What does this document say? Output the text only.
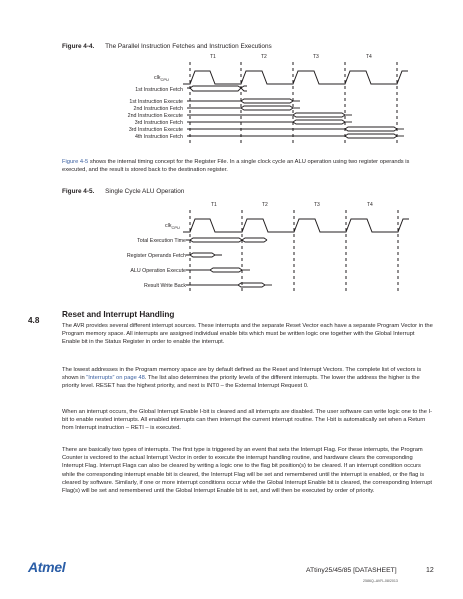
Figure 4-4. The Parallel Instruction Fetches and Instruction Executions
T1	T2	T3	T4
clk$_{CPU}$
1st Instruction Fetch
1st Instruction Execute
2nd Instruction Fetch
2nd Instruction Execute
3rd Instruction Fetch
3rd Instruction Execute
4th Instruction Fetch

Figure 4-5 shows the internal timing concept for the Register File. In a single clock cycle an ALU operation using two register operands is executed, and the result is stored back to the destination register.

Figure 4-5. Single Cycle ALU Operation
T1	T2	T3	T4
clk$_{CPU}$
Total Execution Time
Register Operands Fetch
ALU Operation Execute
Result Write Back
4.8
Reset and Interrupt Handling

The AVR provides several different interrupt sources. These interrupts and the separate Reset Vector each have a separate Program Vector in the Program memory space. All interrupts are assigned individual enable bits which must be written logic one together with the Global Interrupt Enable bit in the Status Register in order to enable the interrupt.

The lowest addresses in the Program memory space are by default defined as the Reset and Interrupt Vectors. The complete list of vectors is shown in “Interrupts” on page 48. The list also determines the priority levels of the different interrupts. The lower the address the higher is the priority level. RESET has the highest priority, and next is INT0 – the External Interrupt Request 0.

When an interrupt occurs, the Global Interrupt Enable I-bit is cleared and all interrupts are disabled. The user software can write logic one to the I-bit to enable nested interrupts. All enabled interrupts can then interrupt the current interrupt routine. The I-bit is automatically set when a Return from Interrupt instruction – RETI – is executed.

There are basically two types of interrupts. The first type is triggered by an event that sets the Interrupt Flag. For these interrupts, the Program Counter is vectored to the actual Interrupt Vector in order to execute the interrupt handling routine, and hardware clears the corresponding Interrupt Flag. Interrupt Flags can also be cleared by writing a logic one to the flag bit position(s) to be cleared. If an interrupt condition occurs while the corresponding interrupt enable bit is cleared, the Interrupt Flag will be set and remembered until the interrupt is enabled, or the flag is cleared by software. Similarly, if one or more interrupt conditions occur while the Global Interrupt Enable bit is cleared, the corresponding Interrupt Flag(s) will be set and remembered until the Global Interrupt Enable bit is set, and will then be executed by order of priority.

Atmel	ATtiny25/45/85 [DATASHEET]	12
2586Q–AVR–08/2013
